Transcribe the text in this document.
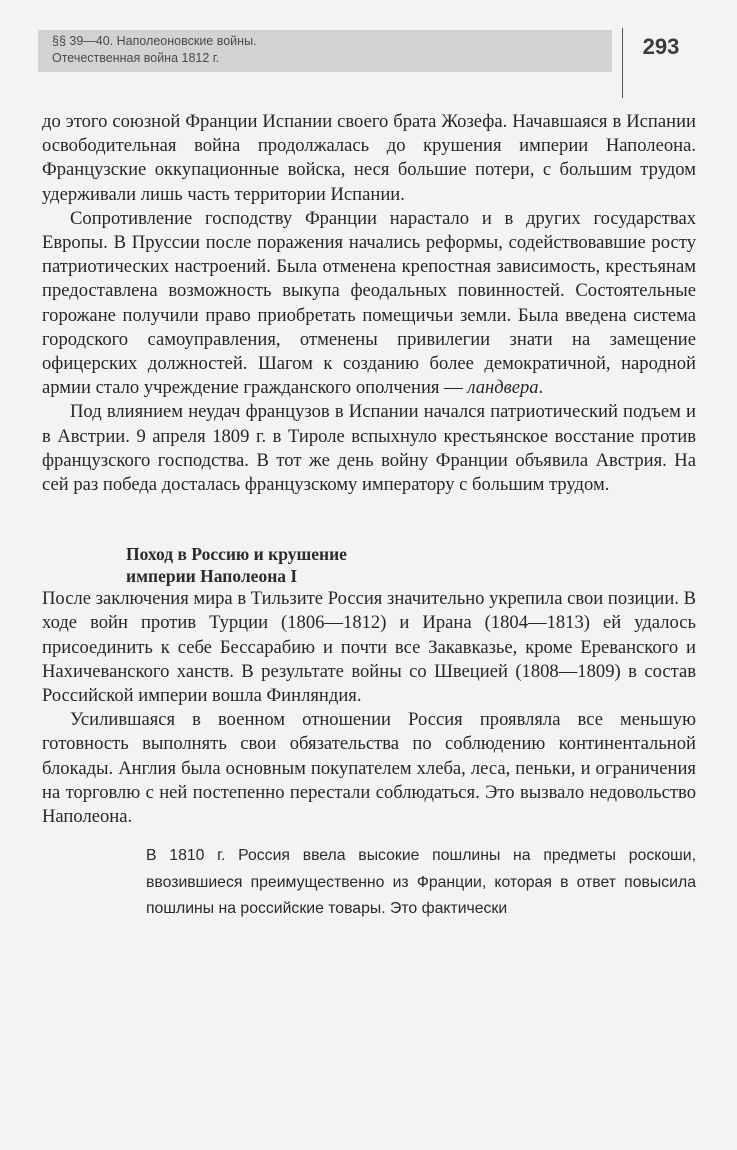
§§ 39—40. Наполеоновские войны.
Отечественная война 1812 г.	293

до этого союзной Франции Испании своего брата Жозефа. Начавшаяся в Испании освободительная война продолжалась до крушения империи Наполеона. Французские оккупационные войска, неся большие потери, с большим трудом удерживали лишь часть территории Испании.

Сопротивление господству Франции нарастало и в других государствах Европы. В Пруссии после поражения начались реформы, содействовавшие росту патриотических настроений. Была отменена крепостная зависимость, крестьянам предоставлена возможность выкупа феодальных повинностей. Состоятельные горожане получили право приобретать помещичьи земли. Была введена система городского самоуправления, отменены привилегии знати на замещение офицерских должностей. Шагом к созданию более демократичной, народной армии стало учреждение гражданского ополчения — ландвера.

Под влиянием неудач французов в Испании начался патриотический подъем и в Австрии. 9 апреля 1809 г. в Тироле вспыхнуло крестьянское восстание против французского господства. В тот же день войну Франции объявила Австрия. На сей раз победа досталась французскому императору с большим трудом.

Поход в Россию и крушение
империи Наполеона I

После заключения мира в Тильзите Россия значительно укрепила свои позиции. В ходе войн против Турции (1806—1812) и Ирана (1804—1813) ей удалось присоединить к себе Бессарабию и почти все Закавказье, кроме Ереванского и Нахичеванского ханств. В результате войны со Швецией (1808—1809) в состав Российской империи вошла Финляндия.

Усилившаяся в военном отношении Россия проявляла все меньшую готовность выполнять свои обязательства по соблюдению континентальной блокады. Англия была основным покупателем хлеба, леса, пеньки, и ограничения на торговлю с ней постепенно перестали соблюдаться. Это вызвало недовольство Наполеона.

В 1810 г. Россия ввела высокие пошлины на предметы роскоши, ввозившиеся преимущественно из Франции, которая в ответ повысила пошлины на российские товары. Это фактически
